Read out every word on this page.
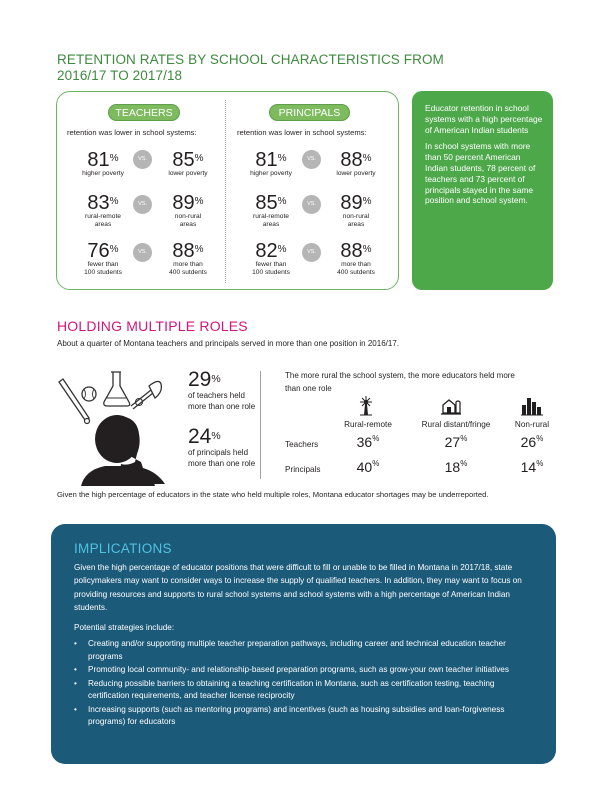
RETENTION RATES BY SCHOOL CHARACTERISTICS FROM
2016/17 TO 2017/18
TEACHERS
retention was lower in school systems:
81%
higher poverty
VS.	85%
lower poverty
83%
rural-remote
areas
VS.	89%
non-rural
areas
76%
fewer than
100 students
VS.	88%
more than
400 sutdents
PRINCIPALS
retention was lower in school systems:
81%
higher poverty
VS.	88%
lower poverty
85%
rural-remote
areas
VS.	89%
non-rural
areas
82%
fewer than
100 students
VS.	88%
more than
400 sutdents

Educator retention in school systems with a high percentage of American Indian students

In school systems with more than 50 percent American Indian students, 78 percent of teachers and 73 percent of principals stayed in the same position and school system.

HOLDING MULTIPLE ROLES
About a quarter of Montana teachers and principals served in more than one position in 2016/17.
29%
of teachers held
more than one role
24%
of principals held
more than one role
The more rural the school system, the more educators held more
than one role
Rural-remote	Rural distant/fringe	Non-rural
Teachers	36%	27%	26%
Principals	40%	18%	14%
Given the high percentage of educators in the state who held multiple roles, Montana educator shortages may be underreported.
IMPLICATIONS
Given the high percentage of educator positions that were difficult to fill or unable to be filled in Montana in 2017/18, state policymakers may want to consider ways to increase the supply of qualified teachers. In addition, they may want to focus on providing resources and supports to rural school systems and school systems with a high percentage of American Indian students.
Potential strategies include:
• Creating and/or supporting multiple teacher preparation pathways, including career and technical education teacher programs
• Promoting local community- and relationship-based preparation programs, such as grow-your own teacher initiatives
• Reducing possible barriers to obtaining a teaching certification in Montana, such as certification testing, teaching certification requirements, and teacher license reciprocity
• Increasing supports (such as mentoring programs) and incentives (such as housing subsidies and loan-forgiveness programs) for educators
